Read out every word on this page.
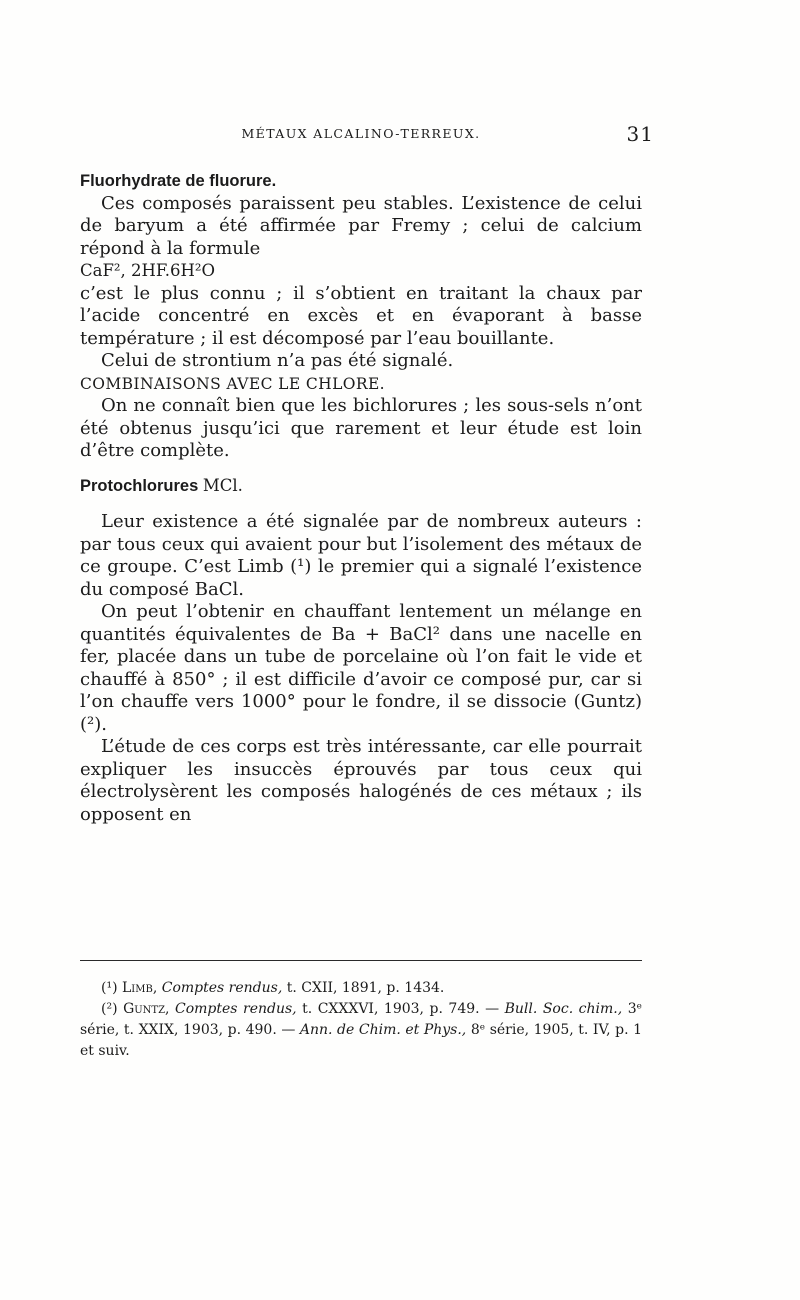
MÉTAUX ALCALINO-TERREUX.	31

Fluorhydrate de fluorure.

Ces composés paraissent peu stables. L’existence de celui de baryum a été affirmée par Fremy ; celui de calcium répond à la formule

CaF², 2HF.6H²O

c’est le plus connu ; il s’obtient en traitant la chaux par l’acide concentré en excès et en évaporant à basse température ; il est décomposé par l’eau bouillante.

Celui de strontium n’a pas été signalé.

COMBINAISONS AVEC LE CHLORE.

On ne connaît bien que les bichlorures ; les sous-sels n’ont été obtenus jusqu’ici que rarement et leur étude est loin d’être complète.

Protochlorures MCl.

Leur existence a été signalée par de nombreux auteurs : par tous ceux qui avaient pour but l’isolement des métaux de ce groupe. C’est Limb (¹) le premier qui a signalé l’existence du composé BaCl.

On peut l’obtenir en chauffant lentement un mélange en quantités équivalentes de Ba + BaCl² dans une nacelle en fer, placée dans un tube de porcelaine où l’on fait le vide et chauffé à 850° ; il est difficile d’avoir ce composé pur, car si l’on chauffe vers 1000° pour le fondre, il se dissocie (Guntz) (²).

L’étude de ces corps est très intéressante, car elle pourrait expliquer les insuccès éprouvés par tous ceux qui électrolysèrent les composés halogénés de ces métaux ; ils opposent en

(¹) Limb, Comptes rendus, t. CXII, 1891, p. 1434.

(²) Guntz, Comptes rendus, t. CXXXVI, 1903, p. 749. — Bull. Soc. chim., 3ᵉ série, t. XXIX, 1903, p. 490. — Ann. de Chim. et Phys., 8ᵉ série, 1905, t. IV, p. 1 et suiv.
